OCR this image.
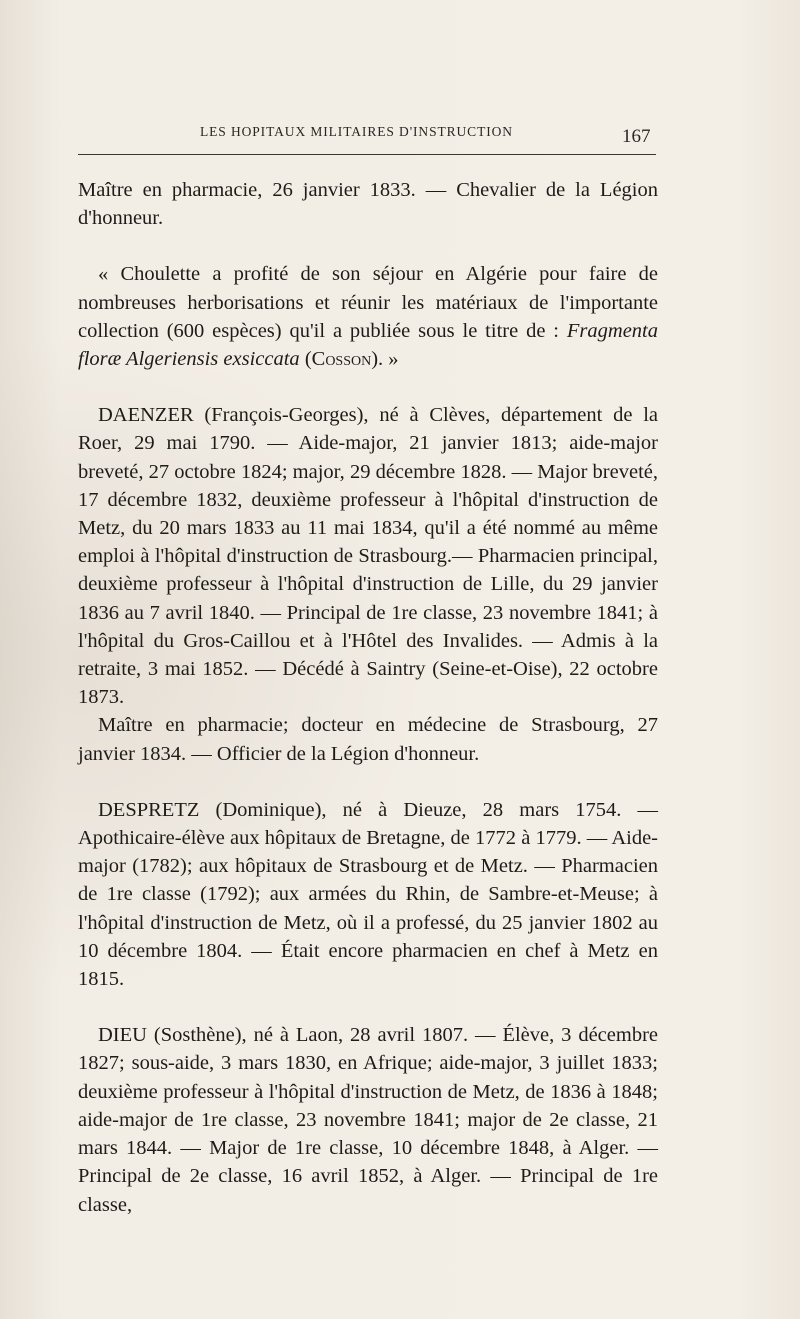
LES HOPITAUX MILITAIRES D'INSTRUCTION	167

Maître en pharmacie, 26 janvier 1833. — Chevalier de la Légion d'honneur.

« Choulette a profité de son séjour en Algérie pour faire de nombreuses herborisations et réunir les matériaux de l'importante collection (600 espèces) qu'il a publiée sous le titre de : Fragmenta floræ Algeriensis exsiccata (Cosson). »

DAENZER (François-Georges), né à Clèves, département de la Roer, 29 mai 1790. — Aide-major, 21 janvier 1813; aide-major breveté, 27 octobre 1824; major, 29 décembre 1828. — Major breveté, 17 décembre 1832, deuxième professeur à l'hôpital d'instruction de Metz, du 20 mars 1833 au 11 mai 1834, qu'il a été nommé au même emploi à l'hôpital d'instruction de Strasbourg.— Pharmacien principal, deuxième professeur à l'hôpital d'instruction de Lille, du 29 janvier 1836 au 7 avril 1840. — Principal de 1re classe, 23 novembre 1841; à l'hôpital du Gros-Caillou et à l'Hôtel des Invalides. — Admis à la retraite, 3 mai 1852. — Décédé à Saintry (Seine-et-Oise), 22 octobre 1873.

Maître en pharmacie; docteur en médecine de Strasbourg, 27 janvier 1834. — Officier de la Légion d'honneur.

DESPRETZ (Dominique), né à Dieuze, 28 mars 1754. — Apothicaire-élève aux hôpitaux de Bretagne, de 1772 à 1779. — Aide-major (1782); aux hôpitaux de Strasbourg et de Metz. — Pharmacien de 1re classe (1792); aux armées du Rhin, de Sambre-et-Meuse; à l'hôpital d'instruction de Metz, où il a professé, du 25 janvier 1802 au 10 décembre 1804. — Était encore pharmacien en chef à Metz en 1815.

DIEU (Sosthène), né à Laon, 28 avril 1807. — Élève, 3 décembre 1827; sous-aide, 3 mars 1830, en Afrique; aide-major, 3 juillet 1833; deuxième professeur à l'hôpital d'instruction de Metz, de 1836 à 1848; aide-major de 1re classe, 23 novembre 1841; major de 2e classe, 21 mars 1844. — Major de 1re classe, 10 décembre 1848, à Alger. — Principal de 2e classe, 16 avril 1852, à Alger. — Principal de 1re classe,
